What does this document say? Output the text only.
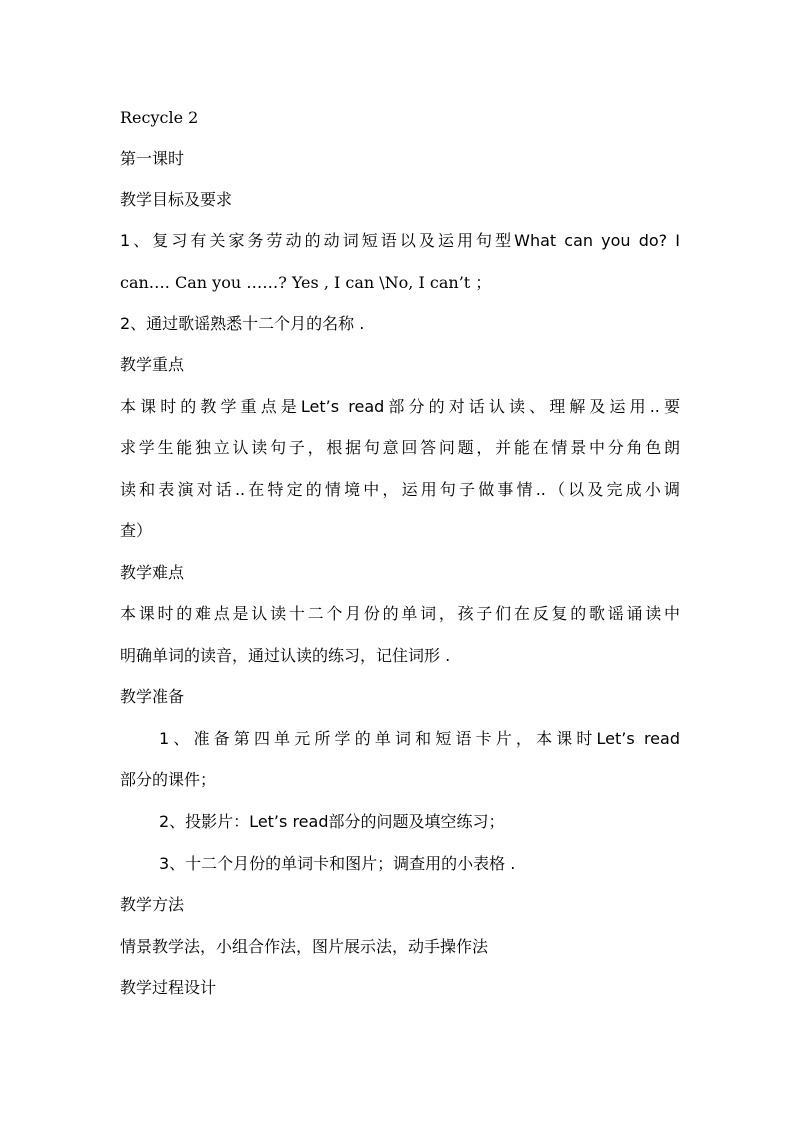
Recycle 2
第一课时
教学目标及要求
1、复习有关家务劳动的动词短语以及运用句型What can you do? I
can…. Can you ……? Yes , I can \No, I can’t ；
2、通过歌谣熟悉十二个月的名称 .
教学重点
本课时的教学重点是Let’s read部分的对话认读、理解及运用..要
求学生能独立认读句子，根据句意回答问题，并能在情景中分角色朗
读和表演对话..在特定的情境中，运用句子做事情..（以及完成小调
查）
教学难点
本课时的难点是认读十二个月份的单词，孩子们在反复的歌谣诵读中
明确单词的读音，通过认读的练习，记住词形 .
教学准备
1、准备第四单元所学的单词和短语卡片，本课时Let’s read
部分的课件；
2、投影片：Let’s read部分的问题及填空练习；
3、十二个月份的单词卡和图片；调查用的小表格 .
教学方法
情景教学法，小组合作法，图片展示法，动手操作法
教学过程设计
